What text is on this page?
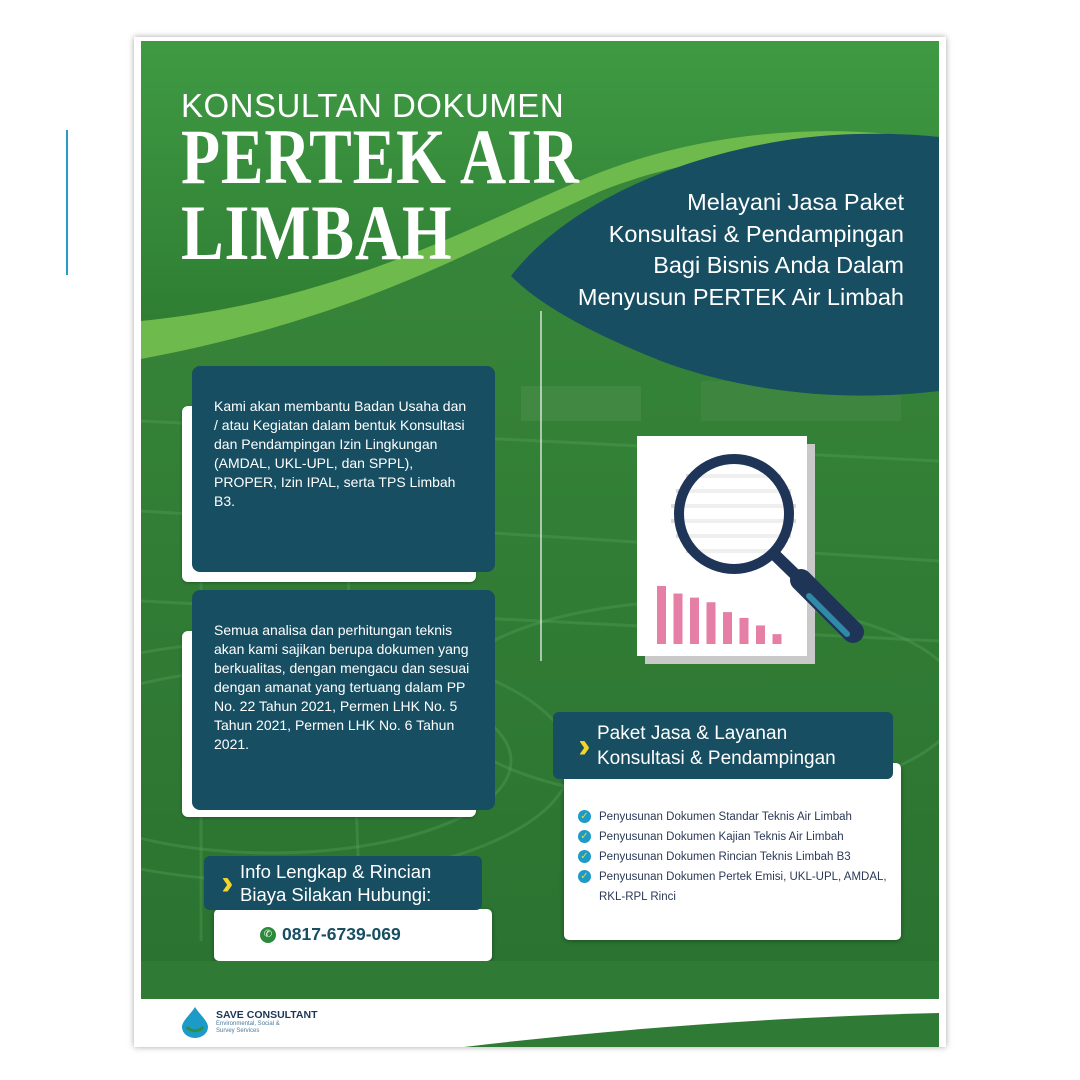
KONSULTAN DOKUMEN
PERTEK AIR
LIMBAH	Melayani Jasa Paket
Konsultasi & Pendampingan
Bagi Bisnis Anda Dalam
Menyusun PERTEK Air Limbah
Kami akan membantu Badan Usaha dan / atau Kegiatan dalam bentuk Konsultasi dan Pendampingan Izin Lingkungan (AMDAL, UKL-UPL, dan SPPL), PROPER, Izin IPAL, serta TPS Limbah B3.
Semua analisa dan perhitungan teknis akan kami sajikan berupa dokumen yang berkualitas, dengan mengacu dan sesuai dengan amanat yang tertuang dalam PP No. 22 Tahun 2021, Permen LHK No. 5 Tahun 2021, Permen LHK No. 6 Tahun 2021.
Info Lengkap & Rincian
Biaya Silakan Hubungi:
✆ 0817-6739-069
✓ Penyusunan Dokumen Standar Teknis Air Limbah
✓ Penyusunan Dokumen Kajian Teknis Air Limbah
✓ Penyusunan Dokumen Rincian Teknis Limbah B3
✓ Penyusunan Dokumen Pertek Emisi, UKL-UPL, AMDAL, RKL-RPL Rinci
Paket Jasa & Layanan
Konsultasi & Pendampingan
SAVE CONSULTANT
Environmental, Social & Survey Services
